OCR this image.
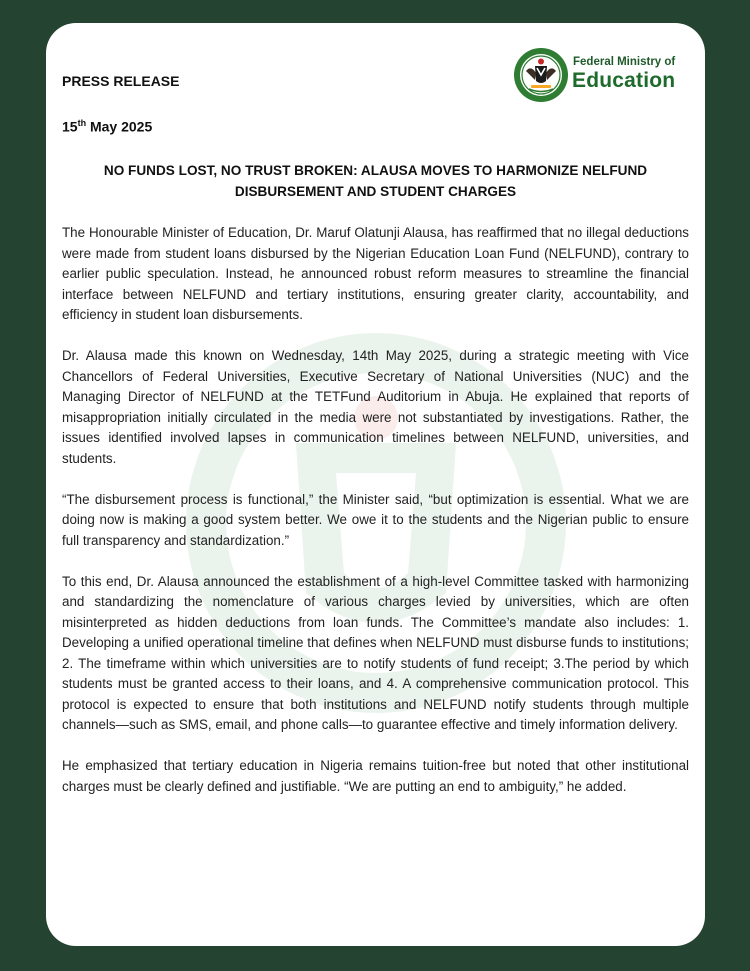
PRESS RELEASE
15th May 2025
Federal Ministry of
Education
NO FUNDS LOST, NO TRUST BROKEN: ALAUSA MOVES TO HARMONIZE NELFUND DISBURSEMENT AND STUDENT CHARGES

The Honourable Minister of Education, Dr. Maruf Olatunji Alausa, has reaffirmed that no illegal deductions were made from student loans disbursed by the Nigerian Education Loan Fund (NELFUND), contrary to earlier public speculation. Instead, he announced robust reform measures to streamline the financial interface between NELFUND and tertiary institutions, ensuring greater clarity, accountability, and efficiency in student loan disbursements.

Dr. Alausa made this known on Wednesday, 14th May 2025, during a strategic meeting with Vice Chancellors of Federal Universities, Executive Secretary of National Universities (NUC) and the Managing Director of NELFUND at the TETFund Auditorium in Abuja. He explained that reports of misappropriation initially circulated in the media were not substantiated by investigations. Rather, the issues identified involved lapses in communication timelines between NELFUND, universities, and students.

“The disbursement process is functional,” the Minister said, “but optimization is essential. What we are doing now is making a good system better. We owe it to the students and the Nigerian public to ensure full transparency and standardization.”

To this end, Dr. Alausa announced the establishment of a high-level Committee tasked with harmonizing and standardizing the nomenclature of various charges levied by universities, which are often misinterpreted as hidden deductions from loan funds. The Committee’s mandate also includes: 1. Developing a unified operational timeline that defines when NELFUND must disburse funds to institutions; 2. The timeframe within which universities are to notify students of fund receipt; 3.The period by which students must be granted access to their loans, and 4. A comprehensive communication protocol. This protocol is expected to ensure that both institutions and NELFUND notify students through multiple channels—such as SMS, email, and phone calls—to guarantee effective and timely information delivery.

He emphasized that tertiary education in Nigeria remains tuition-free but noted that other institutional charges must be clearly defined and justifiable. “We are putting an end to ambiguity,” he added.
